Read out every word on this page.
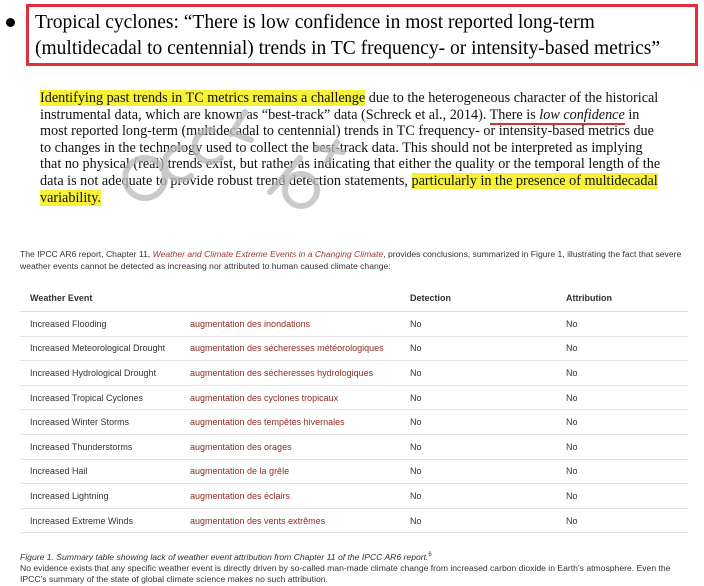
Tropical cyclones: “There is low confidence in most reported long-term
(multidecadal to centennial) trends in TC frequency- or intensity-based metrics”
Identifying past trends in TC metrics remains a challenge due to the heterogeneous character of the historical
instrumental data, which are known as “best-track” data (Schreck et al., 2014). There is low confidence in
most reported long-term (multidecadal to centennial) trends in TC frequency- or intensity-based metrics due
to changes in the technology used to collect the best-track data. This should not be interpreted as implying
that no physical (real) trends exist, but rather as indicating that either the quality or the temporal length of the
data is not adequate to provide robust trend detection statements, particularly in the presence of multidecadal
variability.
The IPCC AR6 report, Chapter 11, Weather and Climate Extreme Events in a Changing Climate, provides conclusions, summarized in Figure 1, illustrating the fact that severe weather events cannot be detected as increasing nor attributed to human caused climate change:
Weather Event		Detection	Attribution
Increased Flooding	augmentation des inondations	No	No
Increased Meteorological Drought	augmentation des sécheresses météorologiques	No	No
Increased Hydrological Drought	augmentation des sécheresses hydrologiques	No	No
Increased Tropical Cyclones	augmentation des cyclones tropicaux	No	No
Increased Winter Storms	augmentation des tempêtes hivernales	No	No
Increased Thunderstorms	augmentation des orages	No	No
Increased Hail	augmentation de la grêle	No	No
Increased Lightning	augmentation des éclairs	No	No
Increased Extreme Winds	augmentation des vents extrêmes	No	No
Figure 1. Summary table showing lack of weather event attribution from Chapter 11 of the IPCC AR6 report.$^6$
No evidence exists that any specific weather event is directly driven by so-called man-made climate change from increased carbon dioxide in Earth’s atmosphere. Even the IPCC’s summary of the state of global climate science makes no such attribution.
